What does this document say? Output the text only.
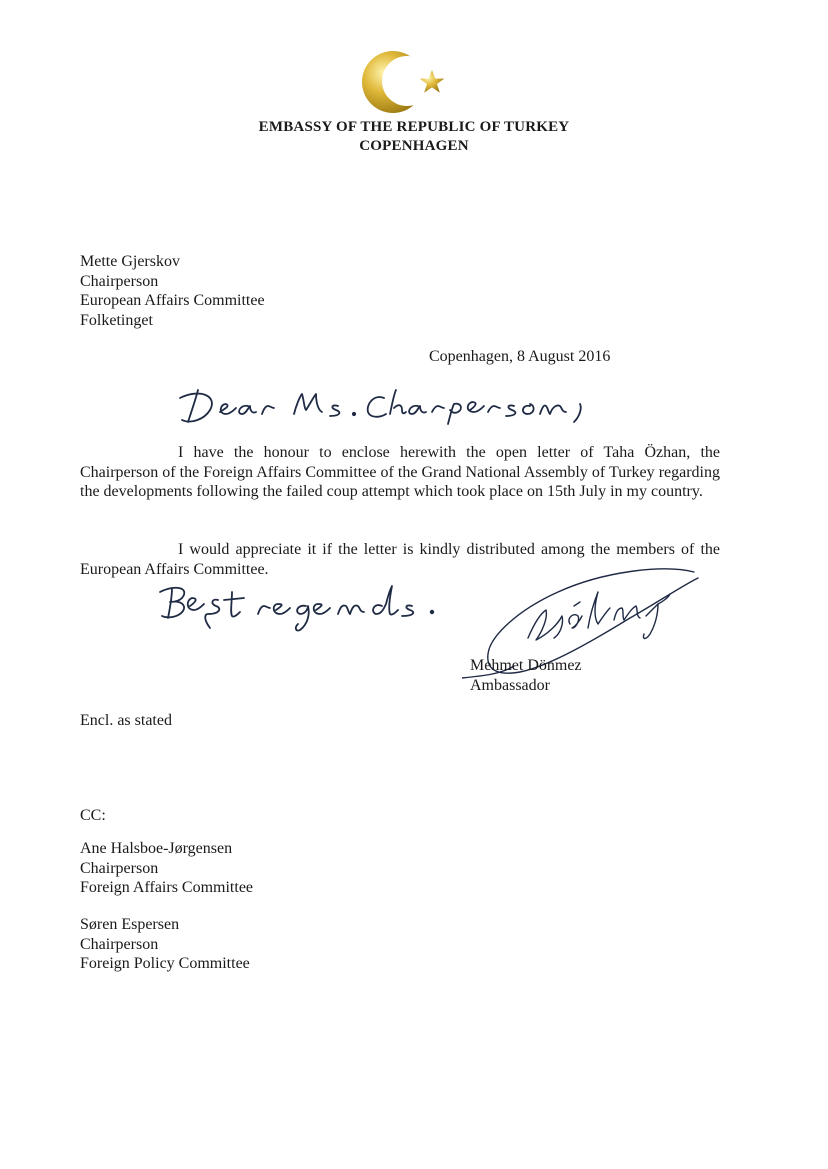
EMBASSY OF THE REPUBLIC OF TURKEY
COPENHAGEN
Mette Gjerskov
Chairperson
European Affairs Committee
Folketinget
Copenhagen, 8 August 2016
I have the honour to enclose herewith the open letter of Taha Özhan, the Chairperson of the Foreign Affairs Committee of the Grand National Assembly of Turkey regarding the developments following the failed coup attempt which took place on 15th July in my country.
I would appreciate it if the letter is kindly distributed among the members of the European Affairs Committee.
Mehmet Dönmez
Ambassador
Encl. as stated
CC:
Ane Halsboe-Jørgensen
Chairperson
Foreign Affairs Committee
Søren Espersen
Chairperson
Foreign Policy Committee
